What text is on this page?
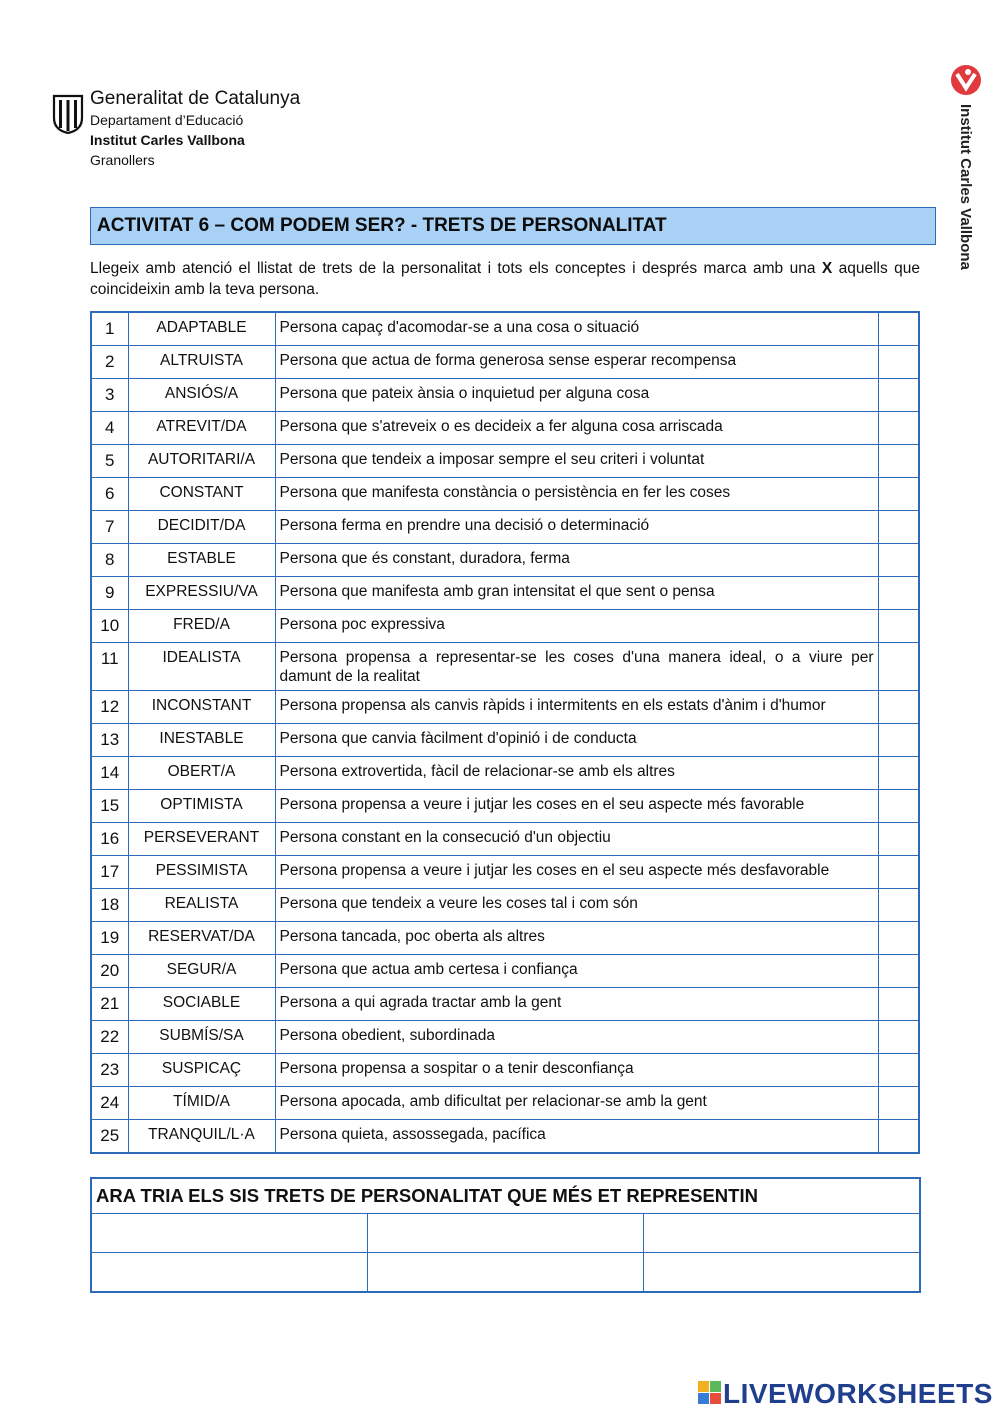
Generalitat de Catalunya
Departament d’Educació
Institut Carles Vallbona
Granollers	Institut Carles Vallbona
ACTIVITAT 6 – COM PODEM SER? - TRETS DE PERSONALITAT
Llegeix amb atenció el llistat de trets de la personalitat i tots els conceptes i després marca amb una X aquells que coincideixin amb la teva persona.
1	ADAPTABLE	Persona capaç d'acomodar-se a una cosa o situació	
2	ALTRUISTA	Persona que actua de forma generosa sense esperar recompensa	
3	ANSIÓS/A	Persona que pateix ànsia o inquietud per alguna cosa	
4	ATREVIT/DA	Persona que s'atreveix o es decideix a fer alguna cosa arriscada	
5	AUTORITARI/A	Persona que tendeix a imposar sempre el seu criteri i voluntat	
6	CONSTANT	Persona que manifesta constància o persistència en fer les coses	
7	DECIDIT/DA	Persona ferma en prendre una decisió o determinació	
8	ESTABLE	Persona que és constant, duradora, ferma	
9	EXPRESSIU/VA	Persona que manifesta amb gran intensitat el que sent o pensa	
10	FRED/A	Persona poc expressiva	
11	IDEALISTA	Persona propensa a representar-se les coses d'una manera ideal, o a viure per damunt de la realitat	
12	INCONSTANT	Persona propensa als canvis ràpids i intermitents en els estats d'ànim i d'humor	
13	INESTABLE	Persona que canvia fàcilment d'opinió i de conducta	
14	OBERT/A	Persona extrovertida, fàcil de relacionar-se amb els altres	
15	OPTIMISTA	Persona propensa a veure i jutjar les coses en el seu aspecte més favorable	
16	PERSEVERANT	Persona constant en la consecució d'un objectiu	
17	PESSIMISTA	Persona propensa a veure i jutjar les coses en el seu aspecte més desfavorable	
18	REALISTA	Persona que tendeix a veure les coses tal i com són	
19	RESERVAT/DA	Persona tancada, poc oberta als altres	
20	SEGUR/A	Persona que actua amb certesa i confiança	
21	SOCIABLE	Persona a qui agrada tractar amb la gent	
22	SUBMÍS/SA	Persona obedient, subordinada	
23	SUSPICAÇ	Persona propensa a sospitar o a tenir desconfiança	
24	TÍMID/A	Persona apocada, amb dificultat per relacionar-se amb la gent	
25	TRANQUIL/L·A	Persona quieta, assossegada, pacífica	
ARA TRIA ELS SIS TRETS DE PERSONALITAT QUE MÉS ET REPRESENTIN		

LIVEWORKSHEETS
